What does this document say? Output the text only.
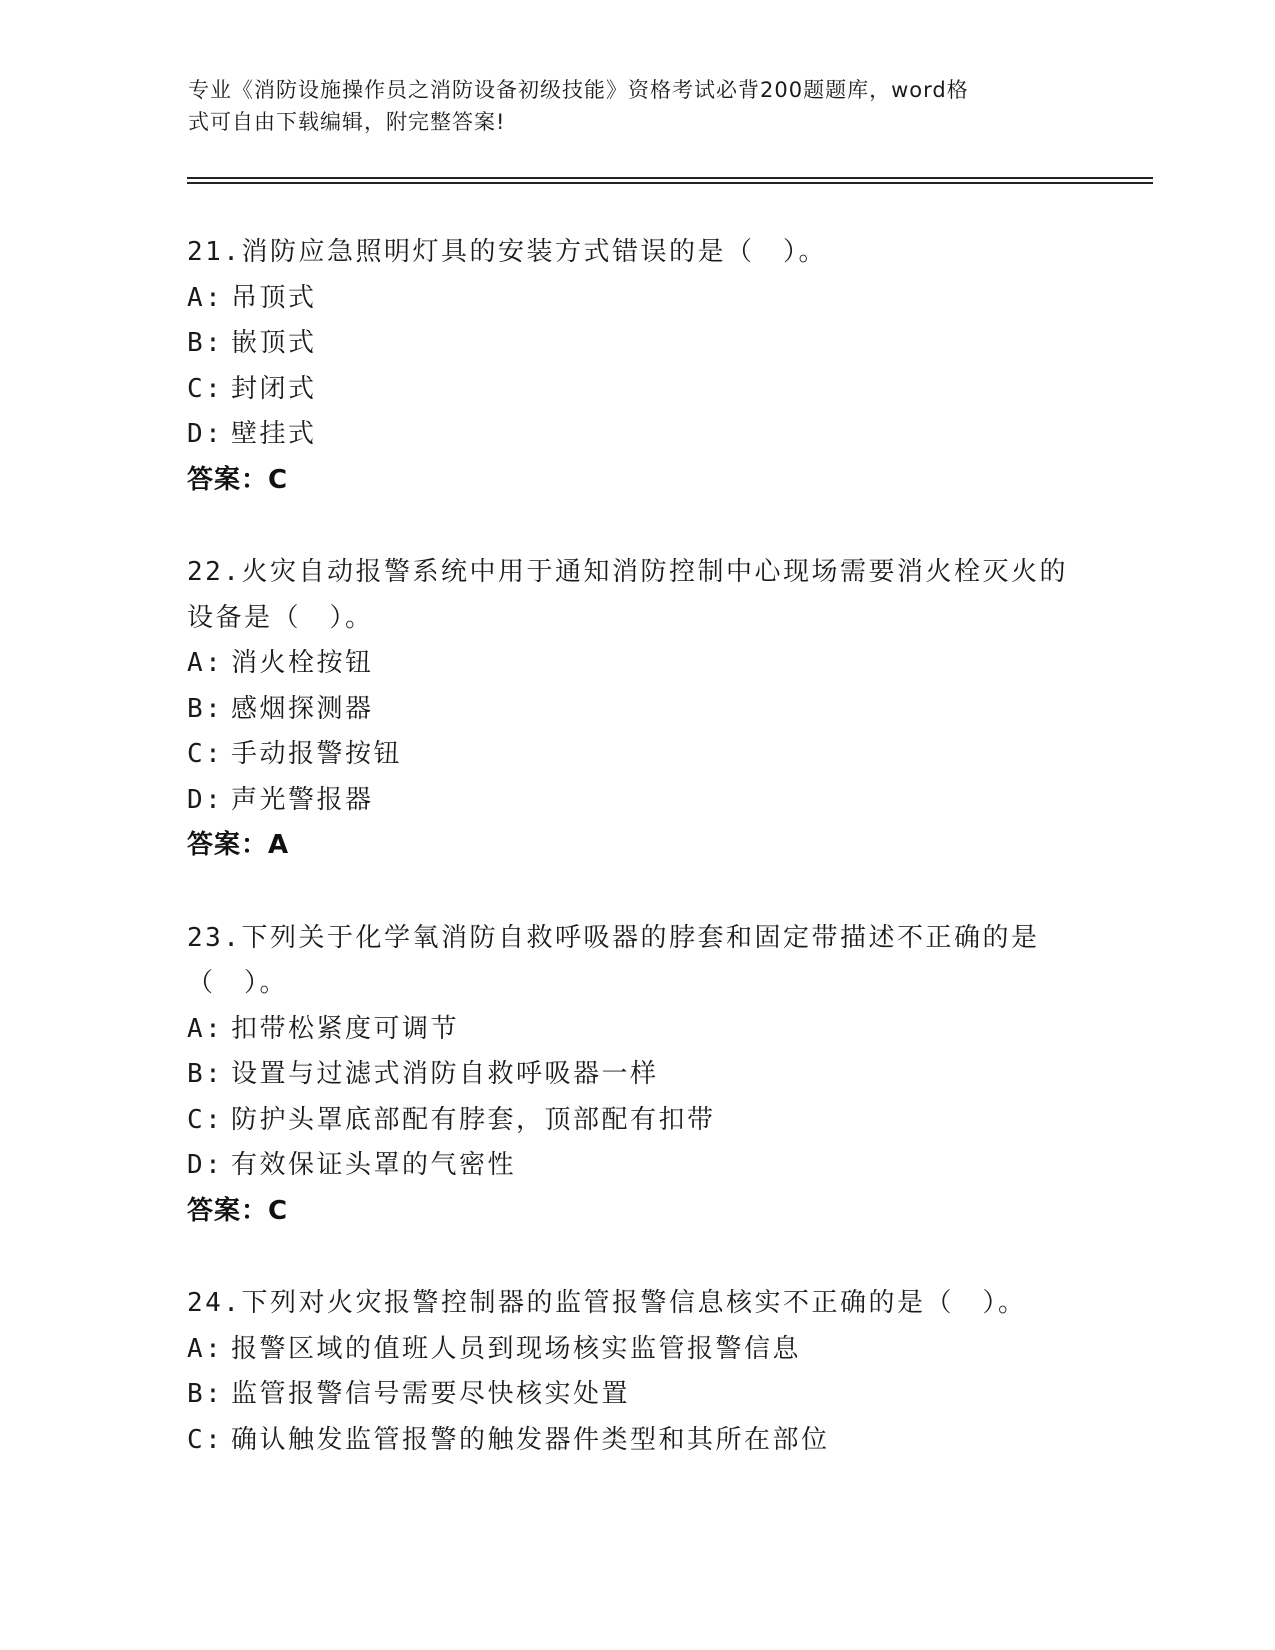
专业《消防设施操作员之消防设备初级技能》资格考试必背200题题库，word格
式可自由下载编辑，附完整答案!
21.消防应急照明灯具的安装方式错误的是（　）。
A: 吊顶式
B: 嵌顶式
C: 封闭式
D: 壁挂式
答案：C
22.火灾自动报警系统中用于通知消防控制中心现场需要消火栓灭火的设备是（　）。
A: 消火栓按钮
B: 感烟探测器
C: 手动报警按钮
D: 声光警报器
答案：A
23.下列关于化学氧消防自救呼吸器的脖套和固定带描述不正确的是（　）。
A: 扣带松紧度可调节
B: 设置与过滤式消防自救呼吸器一样
C: 防护头罩底部配有脖套，顶部配有扣带
D: 有效保证头罩的气密性
答案：C
24.下列对火灾报警控制器的监管报警信息核实不正确的是（　）。
A: 报警区域的值班人员到现场核实监管报警信息
B: 监管报警信号需要尽快核实处置
C: 确认触发监管报警的触发器件类型和其所在部位
